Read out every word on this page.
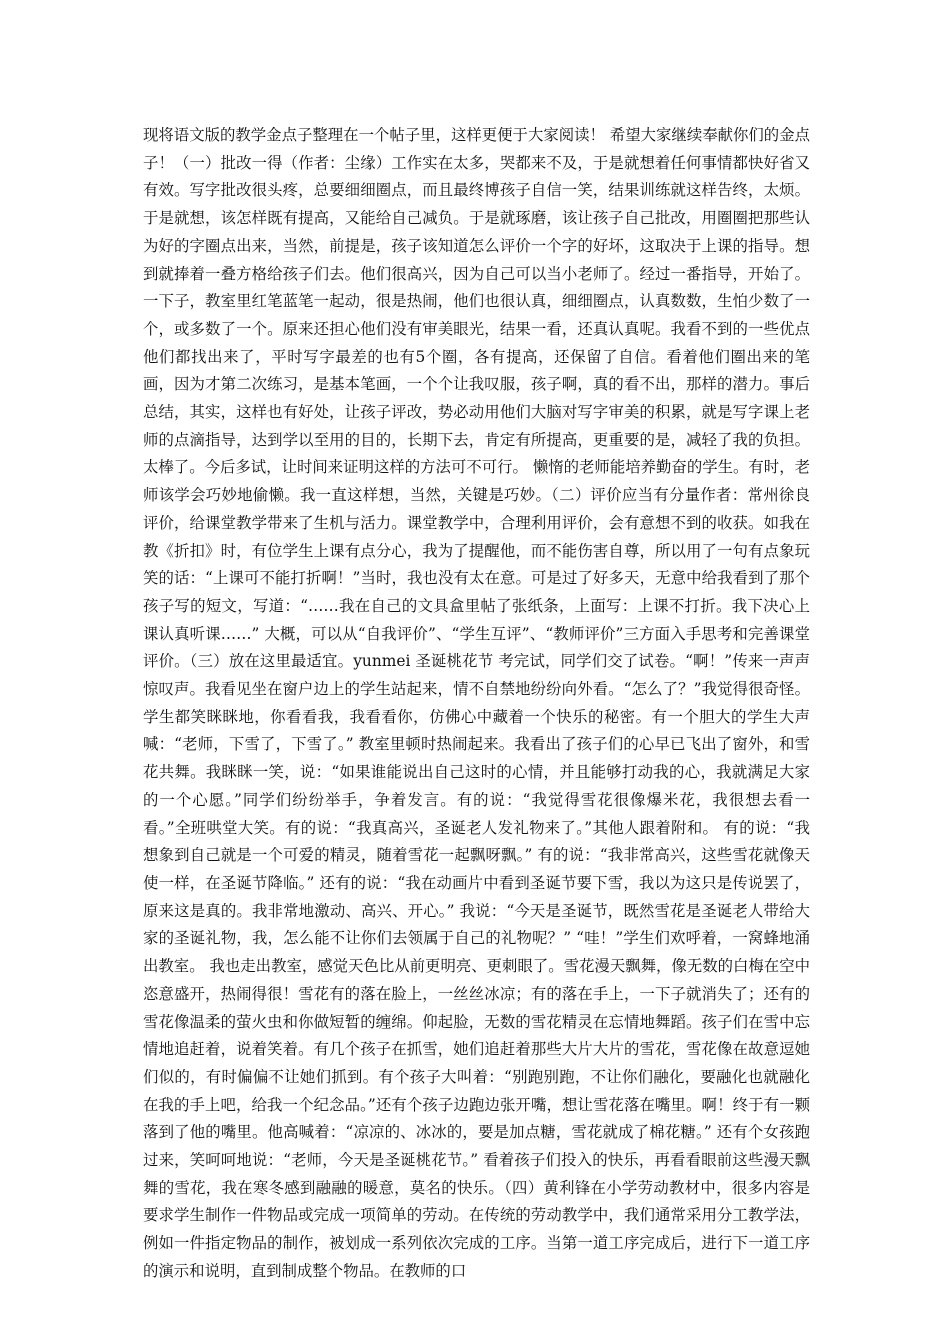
现将语文版的教学金点子整理在一个帖子里，这样更便于大家阅读！ 希望大家继续奉献你们的金点子！（一）批改一得（作者：尘缘）工作实在太多，哭都来不及，于是就想着任何事情都快好省又有效。写字批改很头疼，总要细细圈点，而且最终博孩子自信一笑，结果训练就这样告终，太烦。于是就想，该怎样既有提高，又能给自己减负。于是就琢磨，该让孩子自己批改，用圈圈把那些认为好的字圈点出来，当然，前提是，孩子该知道怎么评价一个字的好坏，这取决于上课的指导。想到就捧着一叠方格给孩子们去。他们很高兴，因为自己可以当小老师了。经过一番指导，开始了。一下子，教室里红笔蓝笔一起动，很是热闹，他们也很认真，细细圈点，认真数数，生怕少数了一个，或多数了一个。原来还担心他们没有审美眼光，结果一看，还真认真呢。我看不到的一些优点他们都找出来了，平时写字最差的也有5个圈，各有提高，还保留了自信。看着他们圈出来的笔画，因为才第二次练习，是基本笔画，一个个让我叹服，孩子啊，真的看不出，那样的潜力。事后总结，其实，这样也有好处，让孩子评改，势必动用他们大脑对写字审美的积累，就是写字课上老师的点滴指导，达到学以至用的目的，长期下去，肯定有所提高，更重要的是，减轻了我的负担。太棒了。今后多试，让时间来证明这样的方法可不可行。 懒惰的老师能培养勤奋的学生。有时，老师该学会巧妙地偷懒。我一直这样想，当然，关键是巧妙。（二）评价应当有分量作者：常州徐良 评价，给课堂教学带来了生机与活力。课堂教学中，合理利用评价，会有意想不到的收获。如我在教《折扣》时，有位学生上课有点分心，我为了提醒他，而不能伤害自尊，所以用了一句有点象玩笑的话：“上课可不能打折啊！”当时，我也没有太在意。可是过了好多天，无意中给我看到了那个孩子写的短文，写道：“……我在自己的文具盒里帖了张纸条，上面写：上课不打折。我下决心上课认真听课……” 大概，可以从“自我评价”、“学生互评”、“教师评价”三方面入手思考和完善课堂评价。（三）放在这里最适宜。yunmei 圣诞桃花节 考完试，同学们交了试卷。“啊！”传来一声声惊叹声。我看见坐在窗户边上的学生站起来，情不自禁地纷纷向外看。“怎么了？”我觉得很奇怪。学生都笑眯眯地，你看看我，我看看你，仿佛心中藏着一个快乐的秘密。有一个胆大的学生大声喊：“老师，下雪了，下雪了。” 教室里顿时热闹起来。我看出了孩子们的心早已飞出了窗外，和雪花共舞。我眯眯一笑，说：“如果谁能说出自己这时的心情，并且能够打动我的心，我就满足大家的一个心愿。”同学们纷纷举手，争着发言。有的说：“我觉得雪花很像爆米花，我很想去看一看。”全班哄堂大笑。有的说：“我真高兴，圣诞老人发礼物来了。”其他人跟着附和。 有的说：“我想象到自己就是一个可爱的精灵，随着雪花一起飘呀飘。” 有的说：“我非常高兴，这些雪花就像天使一样，在圣诞节降临。” 还有的说：“我在动画片中看到圣诞节要下雪，我以为这只是传说罢了，原来这是真的。我非常地激动、高兴、开心。” 我说：“今天是圣诞节，既然雪花是圣诞老人带给大家的圣诞礼物，我，怎么能不让你们去领属于自己的礼物呢？” “哇！”学生们欢呼着，一窝蜂地涌出教室。 我也走出教室，感觉天色比从前更明亮、更刺眼了。雪花漫天飘舞，像无数的白梅在空中恣意盛开，热闹得很！雪花有的落在脸上，一丝丝冰凉；有的落在手上，一下子就消失了；还有的雪花像温柔的萤火虫和你做短暂的缠绵。仰起脸，无数的雪花精灵在忘情地舞蹈。孩子们在雪中忘情地追赶着，说着笑着。有几个孩子在抓雪，她们追赶着那些大片大片的雪花，雪花像在故意逗她们似的，有时偏偏不让她们抓到。有个孩子大叫着：“别跑别跑，不让你们融化，要融化也就融化在我的手上吧，给我一个纪念品。”还有个孩子边跑边张开嘴，想让雪花落在嘴里。啊！终于有一颗落到了他的嘴里。他高喊着：“凉凉的、冰冰的，要是加点糖，雪花就成了棉花糖。” 还有个女孩跑过来，笑呵呵地说：“老师，今天是圣诞桃花节。” 看着孩子们投入的快乐，再看看眼前这些漫天飘舞的雪花，我在寒冬感到融融的暖意，莫名的快乐。（四）黄利锋在小学劳动教材中，很多内容是要求学生制作一件物品或完成一项简单的劳动。在传统的劳动教学中，我们通常采用分工教学法，例如一件指定物品的制作，被划成一系列依次完成的工序。当第一道工序完成后，进行下一道工序的演示和说明，直到制成整个物品。在教师的口
